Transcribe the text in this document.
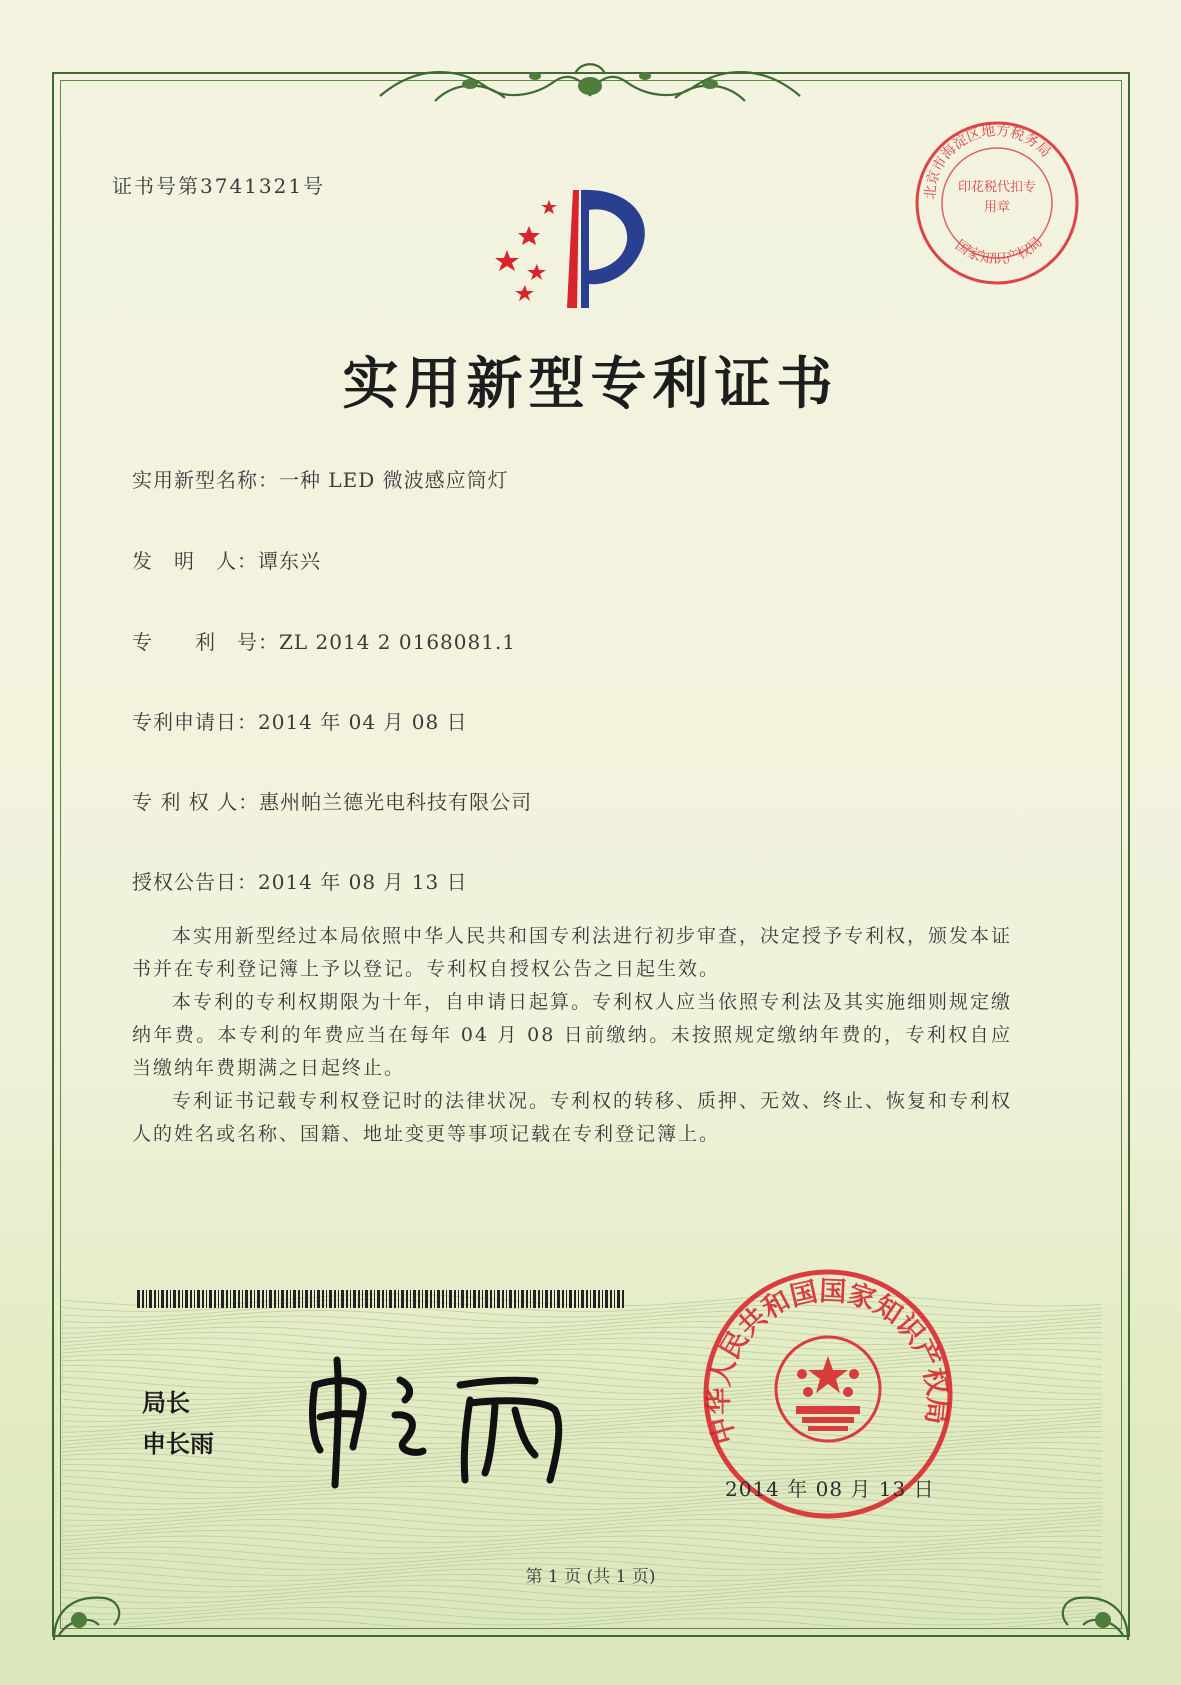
证书号第3741321号	北京市海淀区地方税务局
国家知识产权局
印花税代扣专用章
实用新型专利证书
实用新型名称：一种 LED 微波感应筒灯
发　明　人：谭东兴
专　　利　号：ZL 2014 2 0168081.1
专利申请日：2014 年 04 月 08 日
专 利 权 人：惠州帕兰德光电科技有限公司
授权公告日：2014 年 08 月 13 日

本实用新型经过本局依照中华人民共和国专利法进行初步审查，决定授予专利权，颁发本证书并在专利登记簿上予以登记。专利权自授权公告之日起生效。

本专利的专利权期限为十年，自申请日起算。专利权人应当依照专利法及其实施细则规定缴纳年费。本专利的年费应当在每年 04 月 08 日前缴纳。未按照规定缴纳年费的，专利权自应当缴纳年费期满之日起终止。

专利证书记载专利权登记时的法律状况。专利权的转移、质押、无效、终止、恢复和专利权人的姓名或名称、国籍、地址变更等事项记载在专利登记簿上。

局长
申长雨	中华人民共和国国家知识产权局
2014 年 08 月 13 日
第 1 页 (共 1 页)
